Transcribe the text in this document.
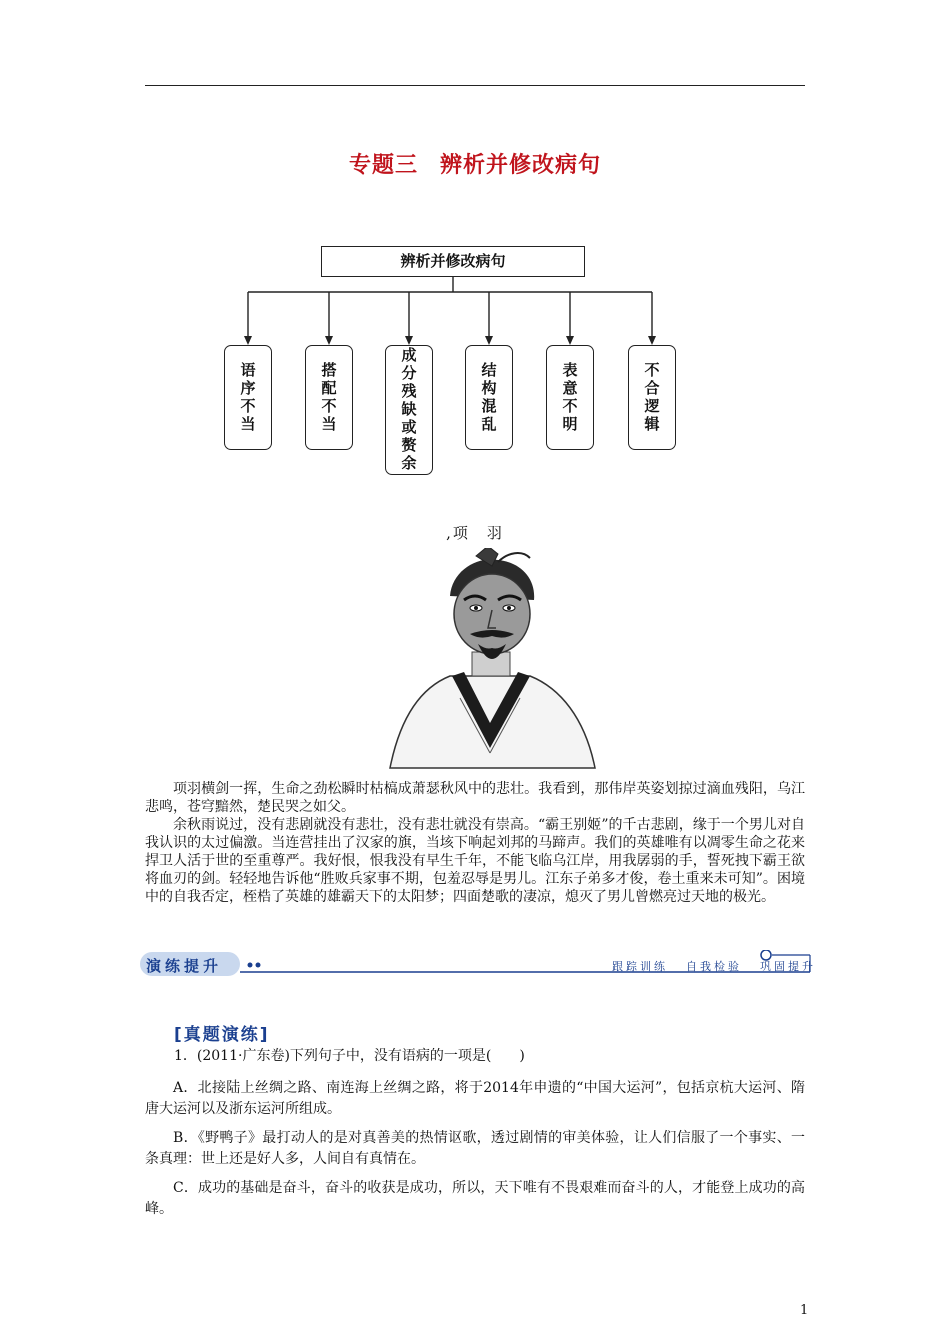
专题三 辨析并修改病句
辨析并修改病句
语序不当	搭配不当	成分残缺或赘余	结构混乱	表意不明	不合逻辑
,项　羽

项羽横剑一挥，生命之劲松瞬时枯槁成萧瑟秋风中的悲壮。我看到，那伟岸英姿划掠过滴血残阳，乌江悲鸣，苍穹黯然，楚民哭之如父。

余秋雨说过，没有悲剧就没有悲壮，没有悲壮就没有崇高。“霸王别姬”的千古悲剧，缘于一个男儿对自我认识的太过偏激。当连营挂出了汉家的旗，当垓下响起刘邦的马蹄声。我们的英雄唯有以凋零生命之花来捍卫人活于世的至重尊严。我好恨，恨我没有早生千年，不能飞临乌江岸，用我孱弱的手，誓死拽下霸王欲将血刃的剑。轻轻地告诉他“胜败兵家事不期，包羞忍辱是男儿。江东子弟多才俊，卷土重来未可知”。困境中的自我否定，桎梏了英雄的雄霸天下的太阳梦；四面楚歌的凄凉，熄灭了男儿曾燃亮过天地的极光。

演练提升	跟踪训练 自我检验 巩固提升
[真题演练]
1．(2011·广东卷)下列句子中，没有语病的一项是(　　)

A．北接陆上丝绸之路、南连海上丝绸之路，将于2014年申遗的“中国大运河”，包括京杭大运河、隋唐大运河以及浙东运河所组成。

B．《野鸭子》最打动人的是对真善美的热情讴歌，透过剧情的审美体验，让人们信服了一个事实、一条真理：世上还是好人多，人间自有真情在。

C．成功的基础是奋斗，奋斗的收获是成功，所以，天下唯有不畏艰难而奋斗的人，才能登上成功的高峰。

1
